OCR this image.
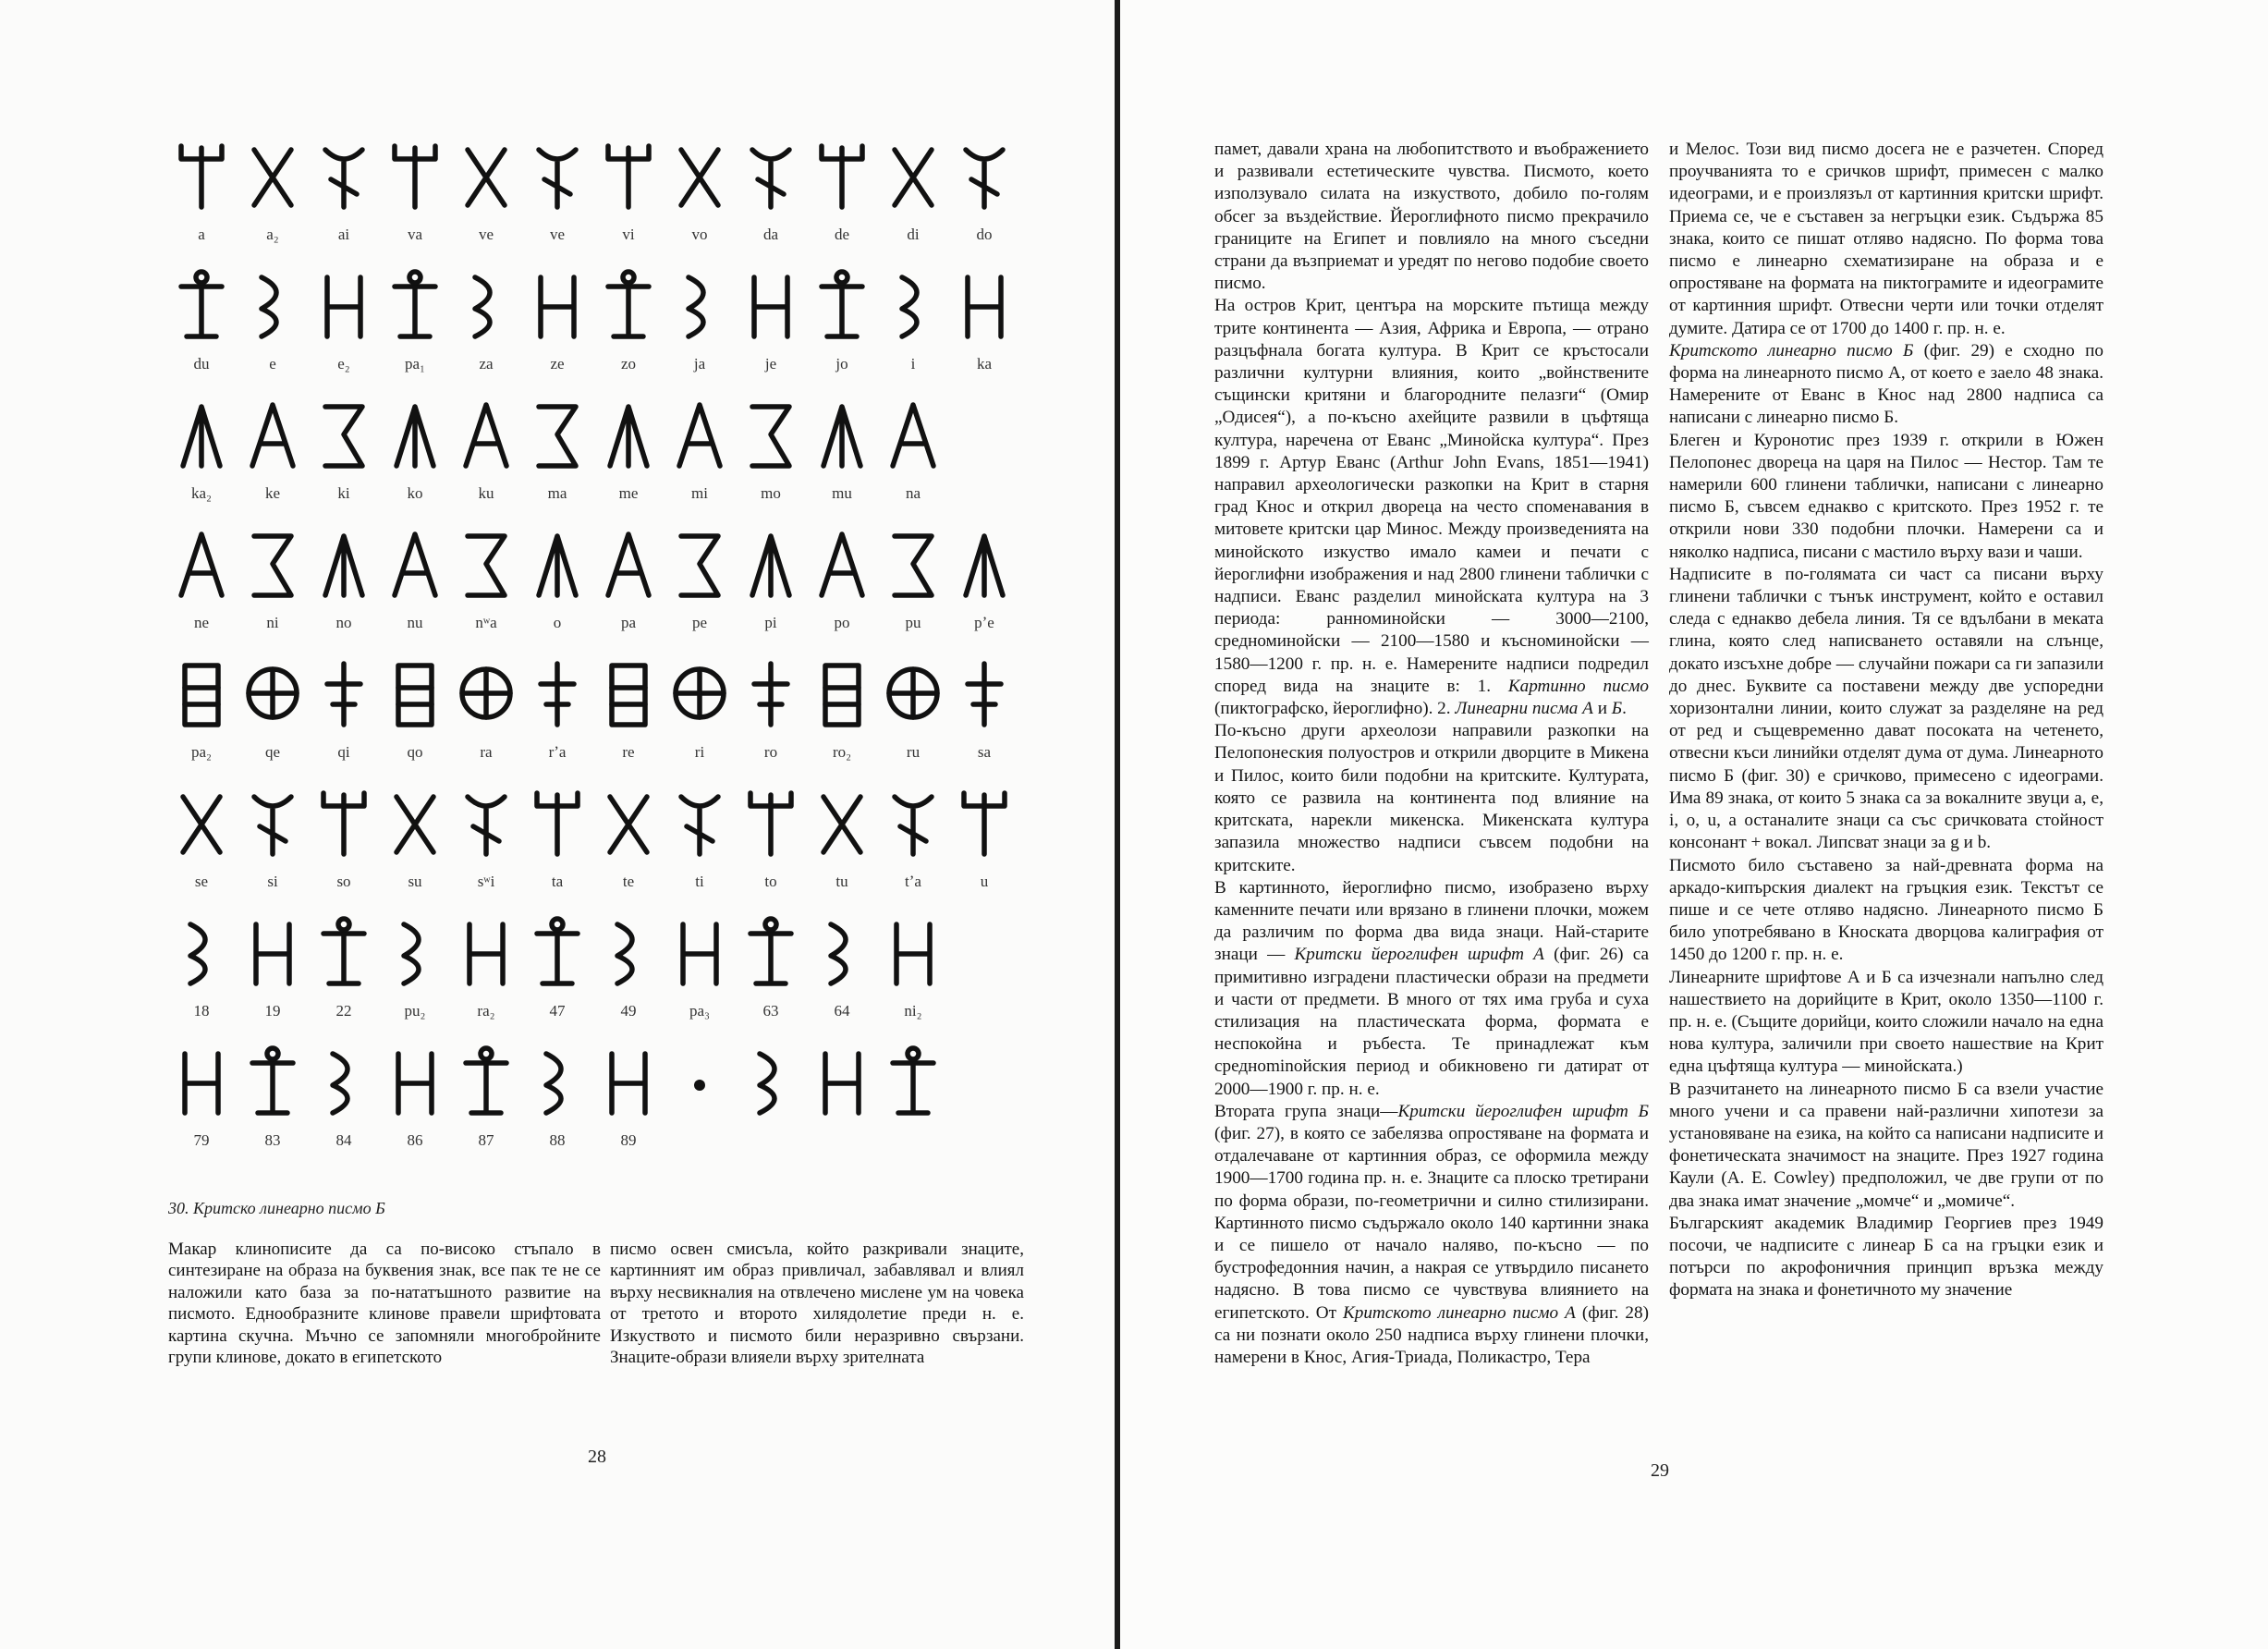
a	a₂	ai	va	ve	ve	vi	vo	da	de	di	do
du	e	e₂	pa₁	za	ze	zo	ja	je	jo	i	ka
ka₂	ke	ki	ko	ku	ma	me	mi	mo	mu	na
ne	ni	no	nu	nʷa	o	pa	pe	pi	po	pu	pʼe
pa₂	qe	qi	qo	ra	rʼa	re	ri	ro	ro₂	ru	sa
se	si	so	su	sʷi	ta	te	ti	to	tu	tʼa	u
18	19	22	pu₂	ra₂	47	49	pa₃	63	64	ni₂
79	83	84	86	87	88	89
30. Критско линеарно писмо Б

Макар клинописите да са по-високо стъпало в синтезиране на образа на буквения знак, все пак те не се наложили като база за по-нататъшното развитие на писмото. Еднообразните клинове правели шрифтовата картина скучна. Мъчно се запомняли многобройните групи клинове, докато в египетското

писмо освен смисъла, който разкривали знаците, картинният им образ привличал, забавлявал и влиял върху несвикналия на отвлечено мислене ум на човека от третото и второто хилядолетие преди н. е. Изкуството и писмото били неразривно свързани. Знаците-образи влияели върху зрителната

28

памет, давали храна на любопитството и въображението и развивали естетическите чувства. Писмото, което използувало силата на изкуството, добило по-голям обсег за въздействие. Йероглифното писмо прекрачило границите на Египет и повлияло на много съседни страни да възприемат и уредят по негово подобие своето писмо.

На остров Крит, центъра на морските пътища между трите континента — Азия, Африка и Европа, — отрано разцъфнала богата култура. В Крит се кръстосали различни културни влияния, които „войнствените същински критяни и благородните пелазги“ (Омир „Одисея“), а по-късно ахейците развили в цъфтяща култура, наречена от Еванс „Минойска култура“. През 1899 г. Артур Еванс (Arthur John Evans, 1851—1941) направил археологически разкопки на Крит в старня град Кнос и открил двореца на често споменавания в митовете критски цар Минос. Между произведенията на минойското изкуство имало камеи и печати с йероглифни изображения и над 2800 глинени таблички с надписи. Еванс разделил минойската култура на 3 периода: ранноминойски — 3000—2100, средноминойски — 2100—1580 и късноминойски — 1580—1200 г. пр. н. е. Намерените надписи подредил според вида на знаците в: 1. Картинно писмо (пиктографско, йероглифно). 2. Линеарни писма А и Б.

По-късно други археолози направили разкопки на Пелопонеския полуостров и открили дворците в Микена и Пилос, които били подобни на критските. Културата, която се развила на континента под влияние на критската, нарекли микенска. Микенската култура запазила множество надписи съвсем подобни на критските.

В картинното, йероглифно писмо, изобразено върху каменните печати или врязано в глинени плочки, можем да различим по форма два вида знаци. Най-старите знаци — Критски йероглифен шрифт А (фиг. 26) са примитивно изградени пластически образи на предмети и части от предмети. В много от тях има груба и суха стилизация на пластическата форма, формата е неспокойна и ръбеста. Те принадлежат към среднominойския период и обикновено ги датират от 2000—1900 г. пр. н. е.

Втората група знаци—Критски йероглифен шрифт Б (фиг. 27), в която се забелязва опростяване на формата и отдалечаване от картинния образ, се оформила между 1900—1700 година пр. н. е. Знаците са плоско третирани по форма образи, по-геометрични и силно стилизирани. Картинното писмо съдържало около 140 картинни знака и се пишело от начало наляво, по-късно — по бустрофедонния начин, а накрая се утвърдило писането надясно. В това писмо се чувствува влиянието на египетското. От Критското линеарно писмо А (фиг. 28) са ни познати около 250 надписа върху глинени плочки, намерени в Кнос, Агия-Триада, Поликастро, Тера

и Мелос. Този вид писмо досега не е разчетен. Според проучванията то е сричков шрифт, примесен с малко идеограми, и е произлязъл от картинния критски шрифт. Приема се, че е съставен за негръцки език. Съдържа 85 знака, които се пишат отляво надясно. По форма това писмо е линеарно схематизиране на образа и е опростяване на формата на пиктограмите и идеограмите от картинния шрифт. Отвесни черти или точки отделят думите. Датира се от 1700 до 1400 г. пр. н. е.

Критското линеарно писмо Б (фиг. 29) е сходно по форма на линеарното писмо А, от което е заело 48 знака. Намерените от Еванс в Кнос над 2800 надписа са написани с линеарно писмо Б.

Блеген и Куронотис през 1939 г. открили в Южен Пелопонес двореца на царя на Пилос — Нестор. Там те намерили 600 глинени таблички, написани с линеарно писмо Б, съвсем еднакво с критското. През 1952 г. те открили нови 330 подобни плочки. Намерени са и няколко надписа, писани с мастило върху вази и чаши.

Надписите в по-голямата си част са писани върху глинени таблички с тънък инструмент, който е оставил следа с еднакво дебела линия. Тя се вдълбани в меката глина, която след написването оставяли на слънце, докато изсъхне добре — случайни пожари са ги запазили до днес. Буквите са поставени между две успоредни хоризонтални линии, които служат за разделяне на ред от ред и същевременно дават посоката на четенето, отвесни къси линийки отделят дума от дума. Линеарното писмо Б (фиг. 30) е сричково, примесено с идеограми. Има 89 знака, от които 5 знака са за вокалните звуци a, e, i, o, u, а останалите знаци са със сричковата стойност консонант + вокал. Липсват знаци за g и b.

Писмото било съставено за най-древната форма на аркадо-кипърския диалект на гръцкия език. Текстът се пише и се чете отляво надясно. Линеарното писмо Б било употребявано в Кноската дворцова калиграфия от 1450 до 1200 г. пр. н. е.

Линеарните шрифтове А и Б са изчезнали напълно след нашествието на дорийците в Крит, около 1350—1100 г. пр. н. е. (Същите дорийци, които сложили начало на една нова култура, заличили при своето нашествие на Крит една цъфтяща култура — минойската.)

В разчитането на линеарното писмо Б са взели участие много учени и са правени най-различни хипотези за установяване на езика, на който са написани надписите и фонетическата значимост на знаците. През 1927 година Каули (A. E. Cowley) предположил, че две групи от по два знака имат значение „момче“ и „момиче“.

Българският академик Владимир Георгиев през 1949 посочи, че надписите с линеар Б са на гръцки език и потърси по акрофоничния принцип връзка между формата на знака и фонетичното му значение

29
